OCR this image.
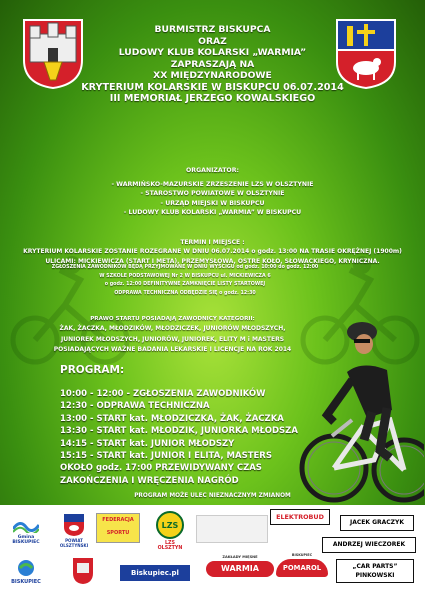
BURMISTRZ BISKUPCA
ORAZ
LUDOWY KLUB KOLARSKI „WARMIA”
ZAPRASZAJĄ NA
XX MIĘDZYNARODOWE
KRYTERIUM KOLARSKIE W BISKUPCU 06.07.2014
III MEMORIAŁ JERZEGO KOWALSKIEGO
ORGANIZATOR:
- WARMIŃSKO-MAZURSKIE ZRZESZENIE LZS W OLSZTYNIE
- STAROSTWO POWIATOWE W OLSZTYNIE
- URZĄD MIEJSKI W BISKUPCU
- LUDOWY KLUB KOLARSKI „WARMIA” W BISKUPCU
TERMIN I MIEJSCE :
KRYTERIUM KOLARSKIE ZOSTANIE ROZEGRANE W DNIU 06.07.2014 o godz. 13:00 NA TRASIE OKRĘŻNEJ (1900m)
ULICAMI: MICKIEWICZA (START I META), PRZEMYSŁOWA, OSTRE KOŁO, SŁOWACKIEGO, KRYNICZNA.
ZGŁOSZENIA ZAWODNIKÓW BĘDĄ PRZYJMOWANE W DNIU WYŚCIGU od godz. 10:00 do godz. 12:00
W SZKOLE PODSTAWOWEJ Nr 2 W BISKUPCU ul. MICKIEWICZA 6
o godz. 12:00 DEFINITYWNE ZAMKNIĘCIE LISTY STARTOWEJ
ODPRAWA TECHNICZNA ODBĘDZIE SIĘ o godz. 12:30
PRAWO STARTU POSIADAJĄ ZAWODNICY KATEGORII:
ŻAK, ŻACZKA, MŁODZIKÓW, MŁODZICZEK, JUNIORÓW MŁODSZYCH,
JUNIOREK MŁODSZYCH, JUNIORÓW, JUNIOREK, ELITY M i MASTERS
POSIADAJĄCYCH WAŻNE BADANIA LEKARSKIE I LICENCJE NA ROK 2014
PROGRAM:
10:00 - 12:00 - ZGŁOSZENIA ZAWODNIKÓW
12:30 - ODPRAWA TECHNICZNA
13:00 - START kat. MŁODZICZKA, ŻAK, ŻACZKA
13:30 - START kat. MŁODZIK, JUNIORKA MŁODSZA
14:15 - START kat. JUNIOR MŁODSZY
15:15 - START kat. JUNIOR I ELITA, MASTERS
OKOŁO godz. 17:00 PRZEWIDYWANY CZAS
ZAKOŃCZENIA I WRĘCZENIA NAGRÓD
PROGRAM MOŻE ULEC NIEZNACZNYM ZMIANOM
Gmina BISKUPIEC	POWIAT OLSZTYŃSKI
FEDERACJA SPORTU
LZS
LZS OLSZTYN
ELEKTROBUD
JACEK GRACZYK
ANDRZEJ WIECZOREK
„CAR PARTS” PINKOWSKI
BISKUPIEC
Biskupiec.pl
ZAKŁADY MIĘSNE
WARMIA
BISKUPIEC
POMAROL
